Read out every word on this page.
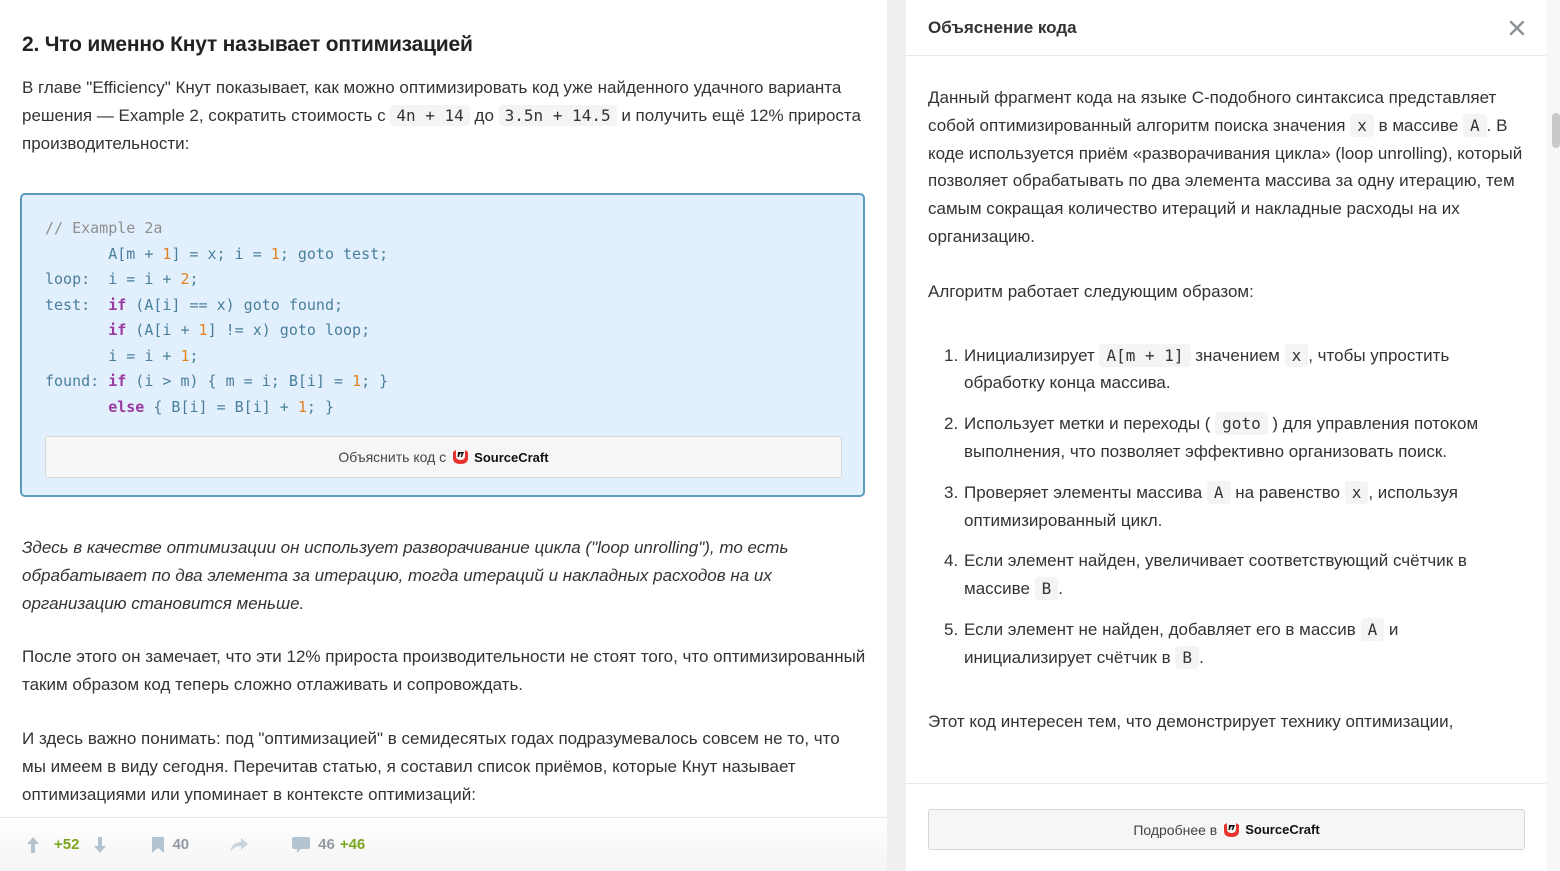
2. Что именно Кнут называет оптимизацией

В главе "Efficiency" Кнут показывает, как можно оптимизировать код уже найденного удачного варианта решения — Example 2, сократить стоимость с 4n + 14 до 3.5n + 14.5 и получить ещё 12% прироста производительности:

// Example 2a
A[m + 1] = x; i = 1; goto test;
loop:  i = i + 2;
test:  if (A[i] == x) goto found;
if (A[i + 1] != x) goto loop;
i = i + 1;
found: if (i > m) { m = i; B[i] = 1; }
else { B[i] = B[i] + 1; }
Объяснить код с SourceCraft

Здесь в качестве оптимизации он использует разворачивание цикла ("loop unrolling"), то есть обрабатывает по два элемента за итерацию, тогда итераций и накладных расходов на их организацию становится меньше.

После этого он замечает, что эти 12% прироста производительности не стоят того, что оптимизированный таким образом код теперь сложно отлаживать и сопровождать.

И здесь важно понимать: под "оптимизацией" в семидесятых годах подразумевалось совсем не то, что мы имеем в виду сегодня. Перечитав статью, я составил список приёмов, которые Кнут называет оптимизациями или упоминает в контексте оптимизаций:

+52	40	46 +46
Объяснение кода

Данный фрагмент кода на языке C-подобного синтаксиса представляет собой оптимизированный алгоритм поиска значения x в массиве A . В коде используется приём «разворачивания цикла» (loop unrolling), который позволяет обрабатывать по два элемента массива за одну итерацию, тем самым сокращая количество итераций и накладные расходы на их организацию.

Алгоритм работает следующим образом:

1. Инициализирует A[m + 1] значением x , чтобы упростить обработку конца массива.
2. Использует метки и переходы ( goto ) для управления потоком выполнения, что позволяет эффективно организовать поиск.
3. Проверяет элементы массива A на равенство x , используя оптимизированный цикл.
4. Если элемент найден, увеличивает соответствующий счётчик в массиве B .
5. Если элемент не найден, добавляет его в массив A и инициализирует счётчик в B .

Этот код интересен тем, что демонстрирует технику оптимизации,

Подробнее в SourceCraft
